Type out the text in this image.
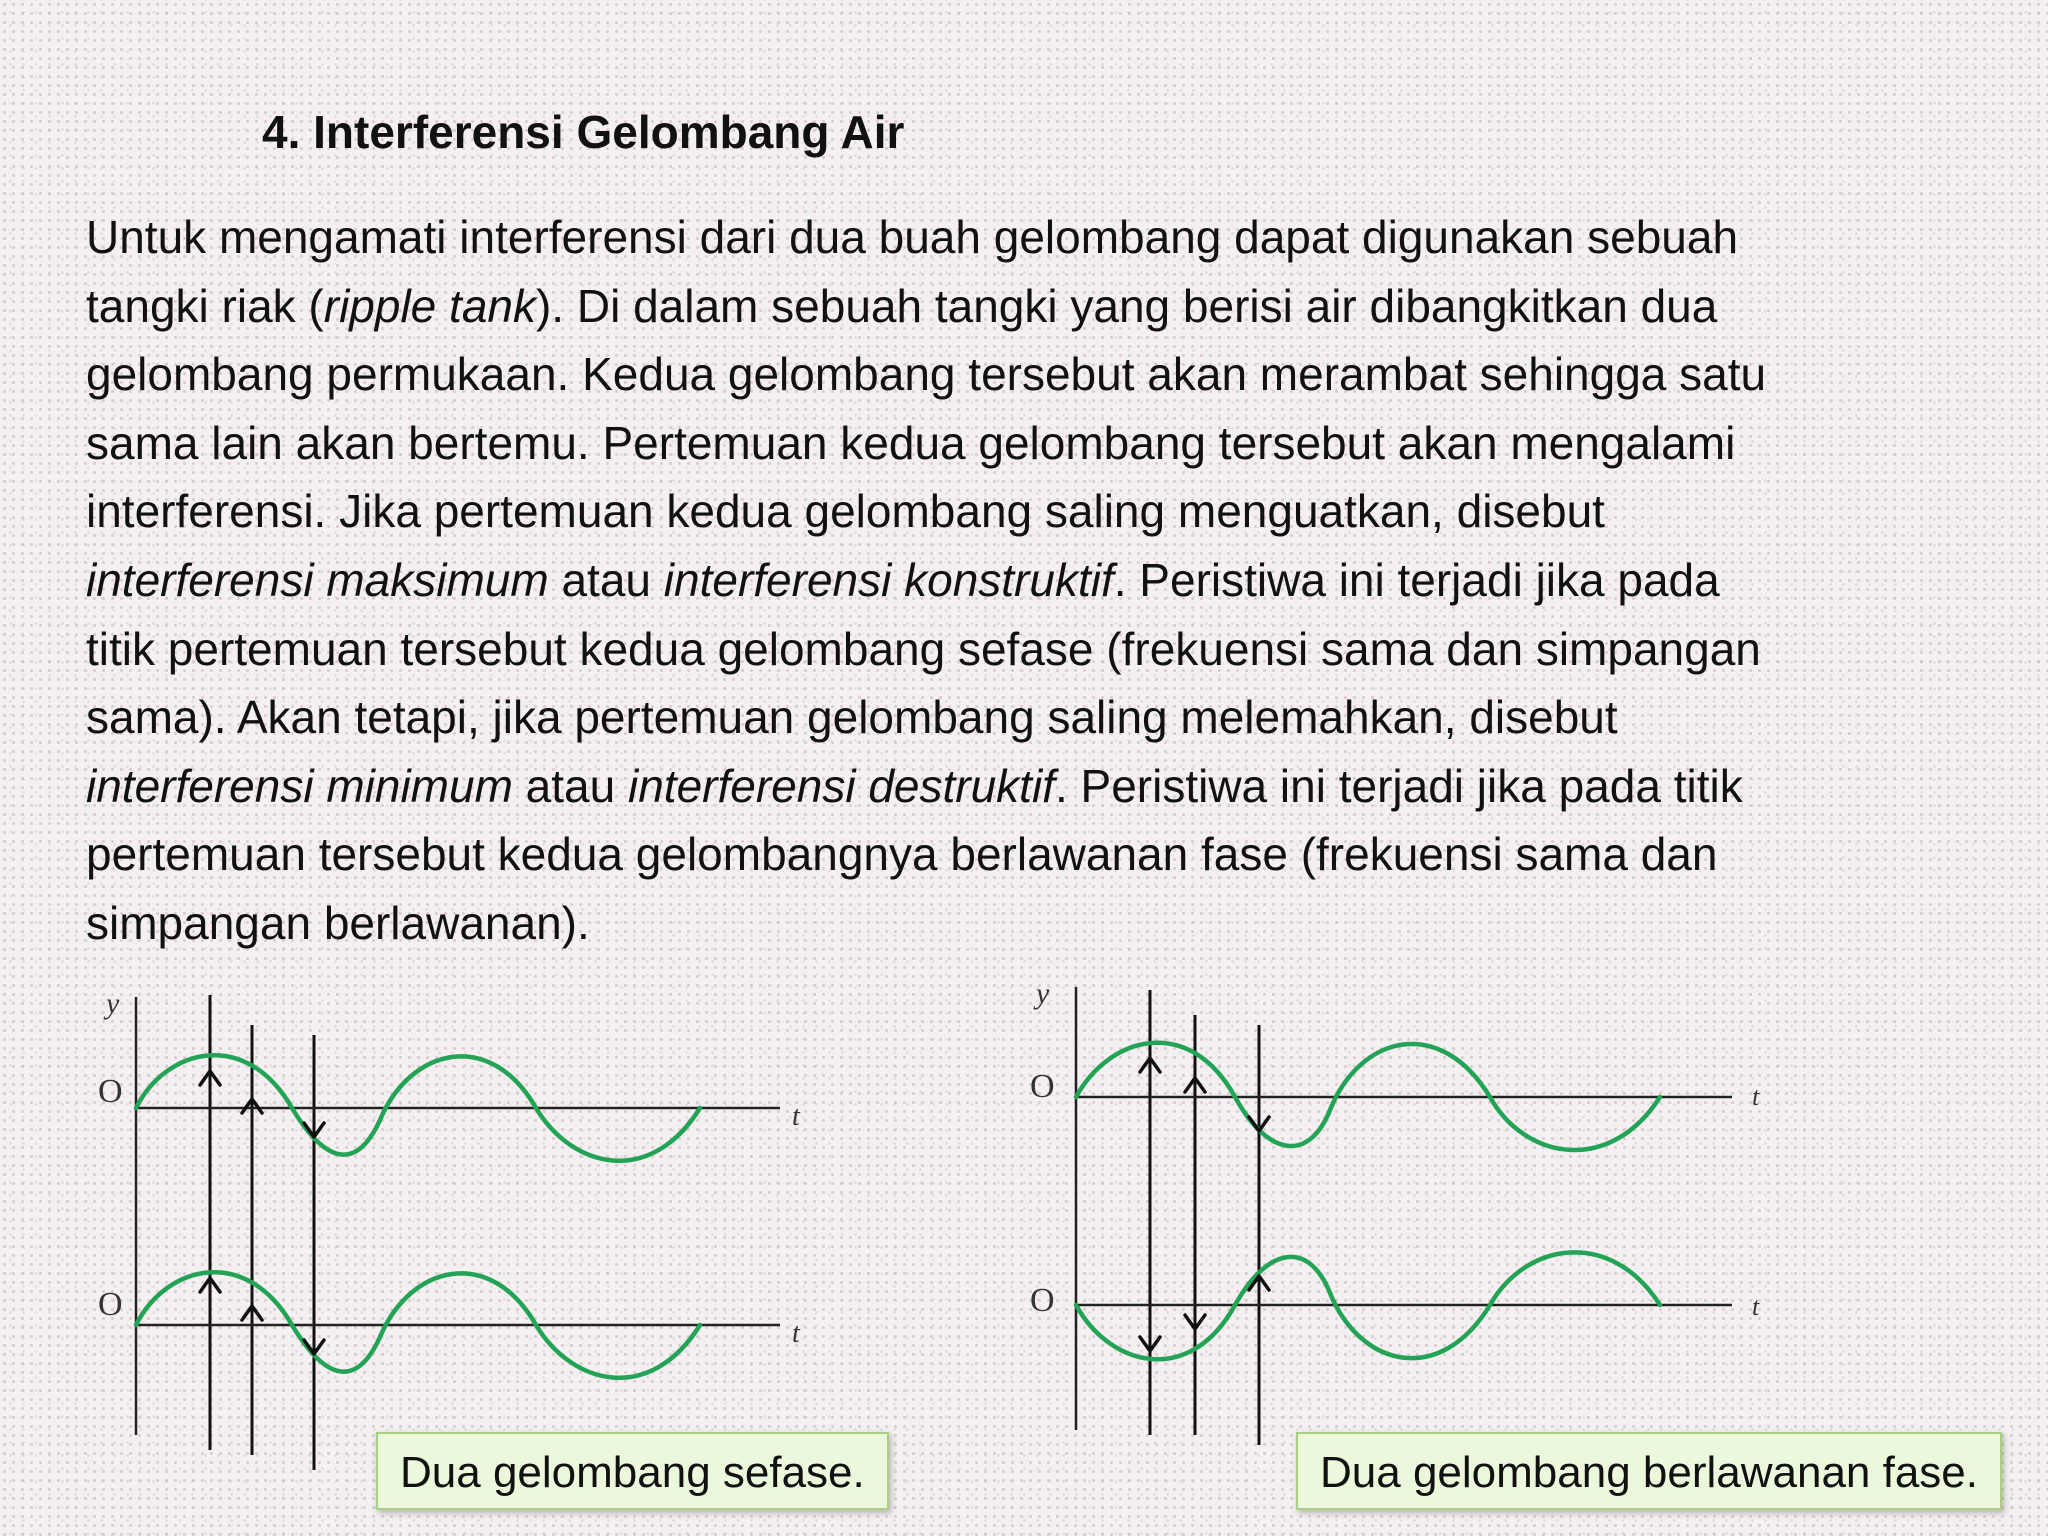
4. Interferensi Gelombang Air
Untuk mengamati interferensi dari dua buah gelombang dapat digunakan sebuah
tangki riak (ripple tank). Di dalam sebuah tangki yang berisi air dibangkitkan dua
gelombang permukaan. Kedua gelombang tersebut akan merambat sehingga satu
sama lain akan bertemu. Pertemuan kedua gelombang tersebut akan mengalami
interferensi. Jika pertemuan kedua gelombang saling menguatkan, disebut
interferensi maksimum atau interferensi konstruktif. Peristiwa ini terjadi jika pada
titik pertemuan tersebut kedua gelombang sefase (frekuensi sama dan simpangan
sama). Akan tetapi, jika pertemuan gelombang saling melemahkan, disebut
interferensi minimum atau interferensi destruktif. Peristiwa ini terjadi jika pada titik
pertemuan tersebut kedua gelombangnya berlawanan fase (frekuensi sama dan
simpangan berlawanan).
y
O
t
O
t
y
O	t
O	t
Dua gelombang sefase.	Dua gelombang berlawanan fase.
